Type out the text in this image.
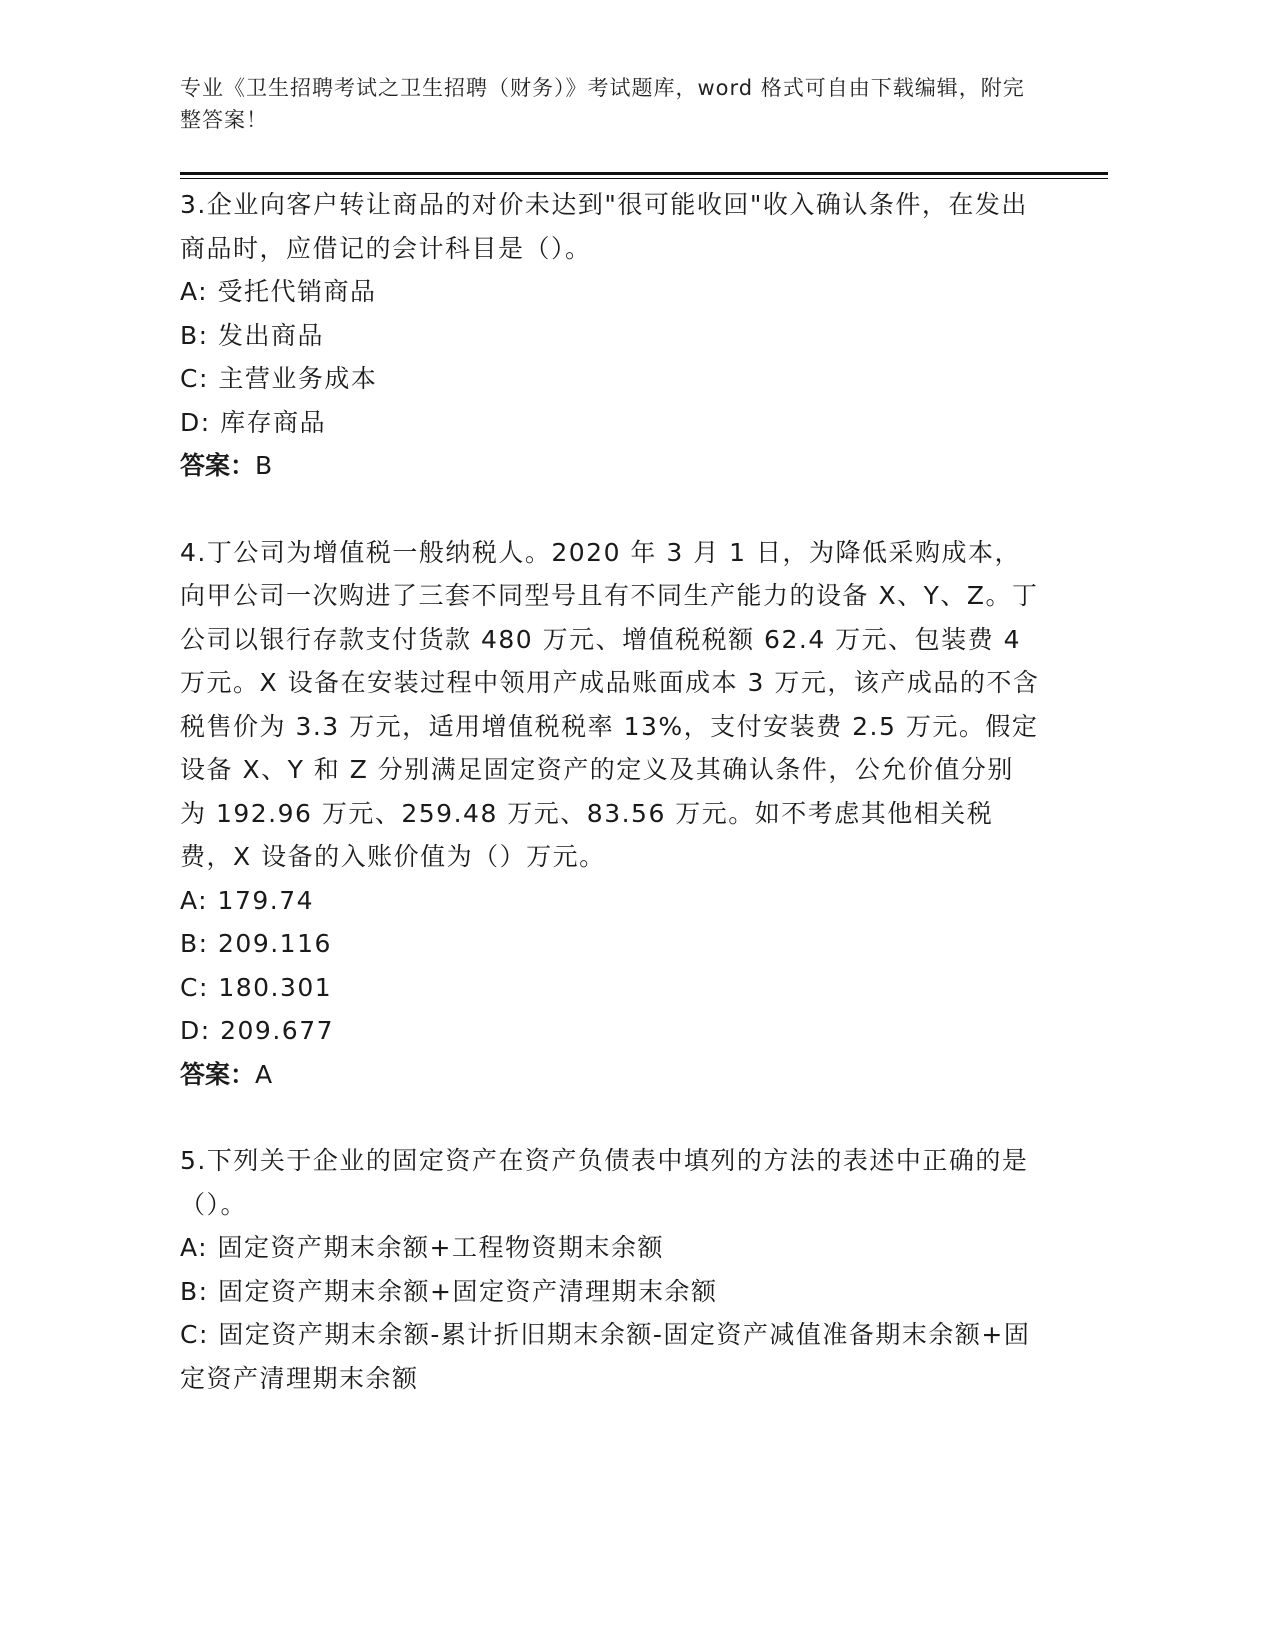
专业《卫生招聘考试之卫生招聘（财务）》考试题库，word 格式可自由下载编辑，附完整答案！

3.企业向客户转让商品的对价未达到"很可能收回"收入确认条件，在发出商品时，应借记的会计科目是（）。

A: 受托代销商品

B: 发出商品

C: 主营业务成本

D: 库存商品

答案：B

4.丁公司为增值税一般纳税人。2020 年 3 月 1 日，为降低采购成本，向甲公司一次购进了三套不同型号且有不同生产能力的设备 X、Y、Z。丁公司以银行存款支付货款 480 万元、增值税税额 62.4 万元、包装费 4 万元。X 设备在安装过程中领用产成品账面成本 3 万元，该产成品的不含税售价为 3.3 万元，适用增值税税率 13%，支付安装费 2.5 万元。假定设备 X、Y 和 Z 分别满足固定资产的定义及其确认条件，公允价值分别为 192.96 万元、259.48 万元、83.56 万元。如不考虑其他相关税费，X 设备的入账价值为（）万元。

A: 179.74

B: 209.116

C: 180.301

D: 209.677

答案：A

5.下列关于企业的固定资产在资产负债表中填列的方法的表述中正确的是（）。

A: 固定资产期末余额+工程物资期末余额

B: 固定资产期末余额+固定资产清理期末余额

C: 固定资产期末余额-累计折旧期末余额-固定资产减值准备期末余额+固定资产清理期末余额
